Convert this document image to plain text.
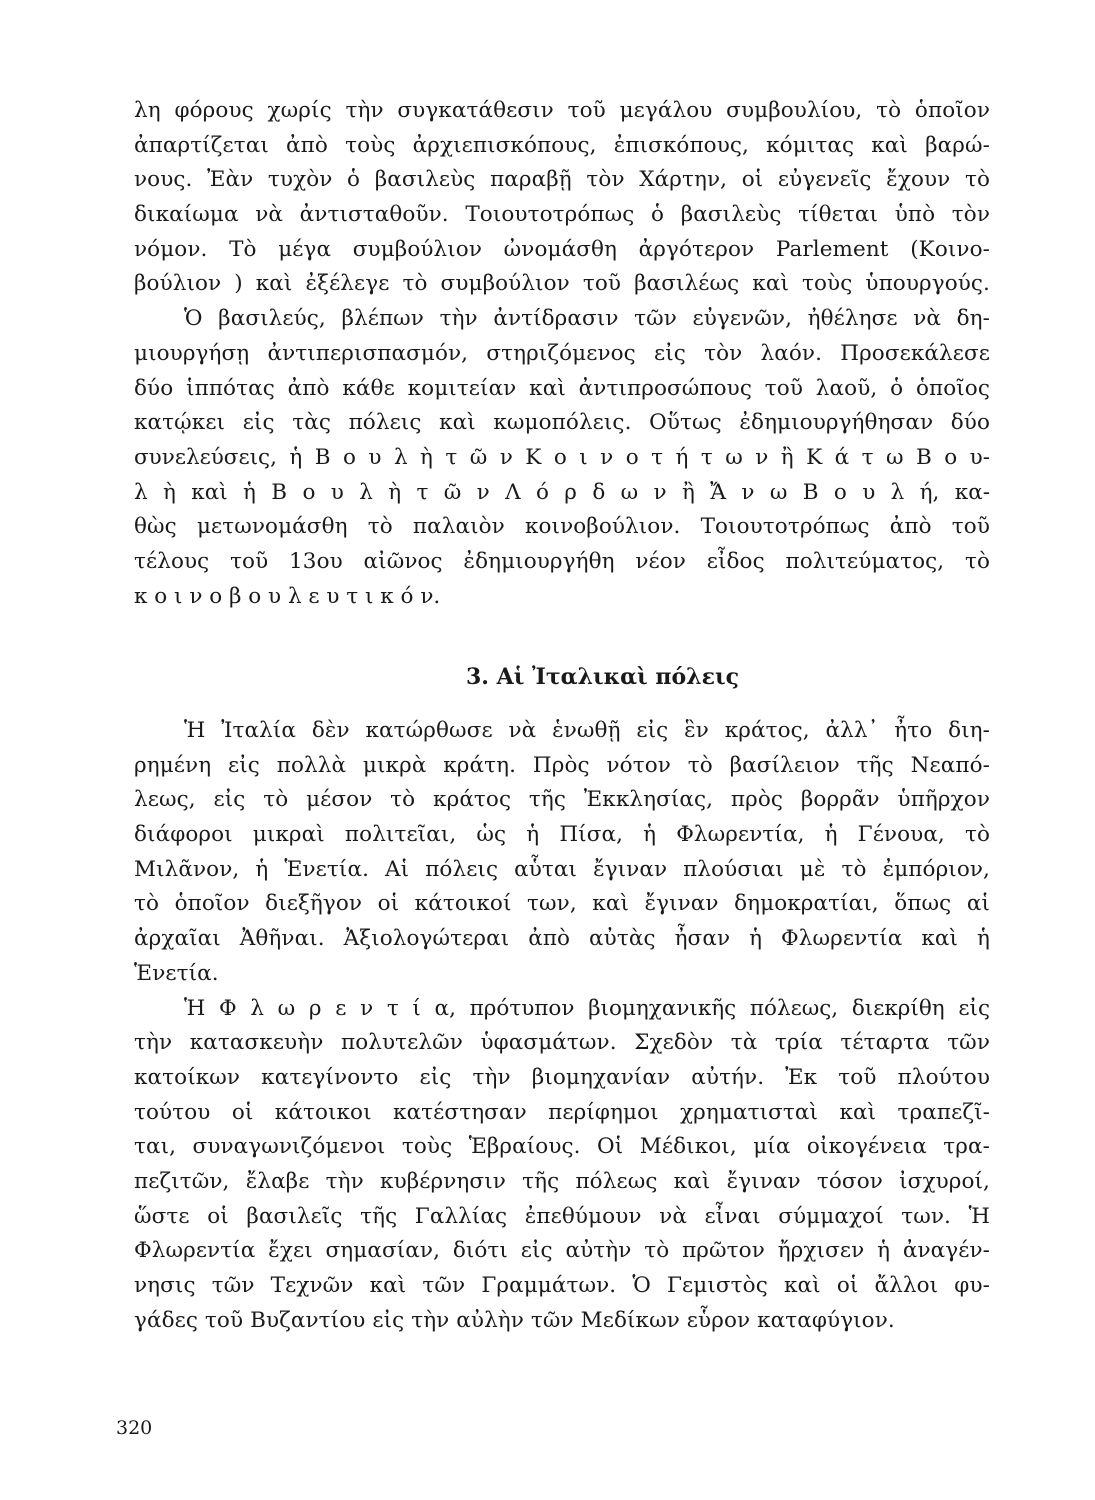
λη φόρους χωρίς τὴν συγκατάθεσιν τοῦ μεγάλου συμβουλίου, τὸ ὁποῖον
ἀπαρτίζεται ἀπὸ τοὺς ἀρχιεπισκόπους, ἐπισκόπους, κόμιτας καὶ βαρώ-
νους. Ἐὰν τυχὸν ὁ βασιλεὺς παραβῇ τὸν Χάρτην, οἱ εὐγενεῖς ἔχουν τὸ
δικαίωμα νὰ ἀντισταθοῦν. Τοιουτοτρόπως ὁ βασιλεὺς τίθεται ὑπὸ τὸν
νόμον. Τὸ μέγα συμβούλιον ὠνομάσθη ἀργότερον Parlement (Κοινο-
βούλιον ) καὶ ἐξέλεγε τὸ συμβούλιον τοῦ βασιλέως καὶ τοὺς ὑπουργούς.
Ὁ βασιλεύς, βλέπων τὴν ἀντίδρασιν τῶν εὐγενῶν, ἠθέλησε νὰ δη-
μιουργήσῃ ἀντιπερισπασμόν, στηριζόμενος εἰς τὸν λαόν. Προσεκάλεσε
δύο ἱππότας ἀπὸ κάθε κομιτείαν καὶ ἀντιπροσώπους τοῦ λαοῦ, ὁ ὁποῖος
κατῴκει εἰς τὰς πόλεις καὶ κωμοπόλεις. Οὕτως ἐδημιουργήθησαν δύο
συνελεύσεις, ἡ Β ο υ λ ὴ τ ῶ ν Κ ο ι ν ο τ ή τ ω ν ἢ Κ ά τ ω Β ο υ-
λ ὴ καὶ ἡ Β ο υ λ ὴ τ ῶ ν Λ ό ρ δ ω ν ἢ Ἄ ν ω Β ο υ λ ή, κα-
θὼς μετωνομάσθη τὸ παλαιὸν κοινοβούλιον. Τοιουτοτρόπως ἀπὸ τοῦ
τέλους τοῦ 13ου αἰῶνος ἐδημιουργήθη νέον εἶδος πολιτεύματος, τὸ
κ ο ι ν ο β ο υ λ ε υ τ ι κ ό ν.
3. Αἱ Ἰταλικαὶ πόλεις
Ἡ Ἰταλία δὲν κατώρθωσε νὰ ἑνωθῇ εἰς ἓν κράτος, ἀλλ᾽ ἦτο διη-
ρημένη εἰς πολλὰ μικρὰ κράτη. Πρὸς νότον τὸ βασίλειον τῆς Νεαπό-
λεως, εἰς τὸ μέσον τὸ κράτος τῆς Ἐκκλησίας, πρὸς βορρᾶν ὑπῆρχον
διάφοροι μικραὶ πολιτεῖαι, ὡς ἡ Πίσα, ἡ Φλωρεντία, ἡ Γένουα, τὸ
Μιλᾶνον, ἡ Ἑνετία. Αἱ πόλεις αὗται ἔγιναν πλούσιαι μὲ τὸ ἐμπόριον,
τὸ ὁποῖον διεξῆγον οἱ κάτοικοί των, καὶ ἔγιναν δημοκρατίαι, ὅπως αἱ
ἀρχαῖαι Ἀθῆναι. Ἀξιολογώτεραι ἀπὸ αὐτὰς ἦσαν ἡ Φλωρεντία καὶ ἡ
Ἑνετία.
Ἡ Φ λ ω ρ ε ν τ ί α, πρότυπον βιομηχανικῆς πόλεως, διεκρίθη εἰς
τὴν κατασκευὴν πολυτελῶν ὑφασμάτων. Σχεδὸν τὰ τρία τέταρτα τῶν
κατοίκων κατεγίνοντο εἰς τὴν βιομηχανίαν αὐτήν. Ἐκ τοῦ πλούτου
τούτου οἱ κάτοικοι κατέστησαν περίφημοι χρηματισταὶ καὶ τραπεζῖ-
ται, συναγωνιζόμενοι τοὺς Ἑβραίους. Οἱ Μέδικοι, μία οἰκογένεια τρα-
πεζιτῶν, ἔλαβε τὴν κυβέρνησιν τῆς πόλεως καὶ ἔγιναν τόσον ἰσχυροί,
ὥστε οἱ βασιλεῖς τῆς Γαλλίας ἐπεθύμουν νὰ εἶναι σύμμαχοί των. Ἡ
Φλωρεντία ἔχει σημασίαν, διότι εἰς αὐτὴν τὸ πρῶτον ἤρχισεν ἡ ἀναγέν-
νησις τῶν Τεχνῶν καὶ τῶν Γραμμάτων. Ὁ Γεμιστὸς καὶ οἱ ἄλλοι φυ-
γάδες τοῦ Βυζαντίου εἰς τὴν αὐλὴν τῶν Μεδίκων εὗρον καταφύγιον.
320
